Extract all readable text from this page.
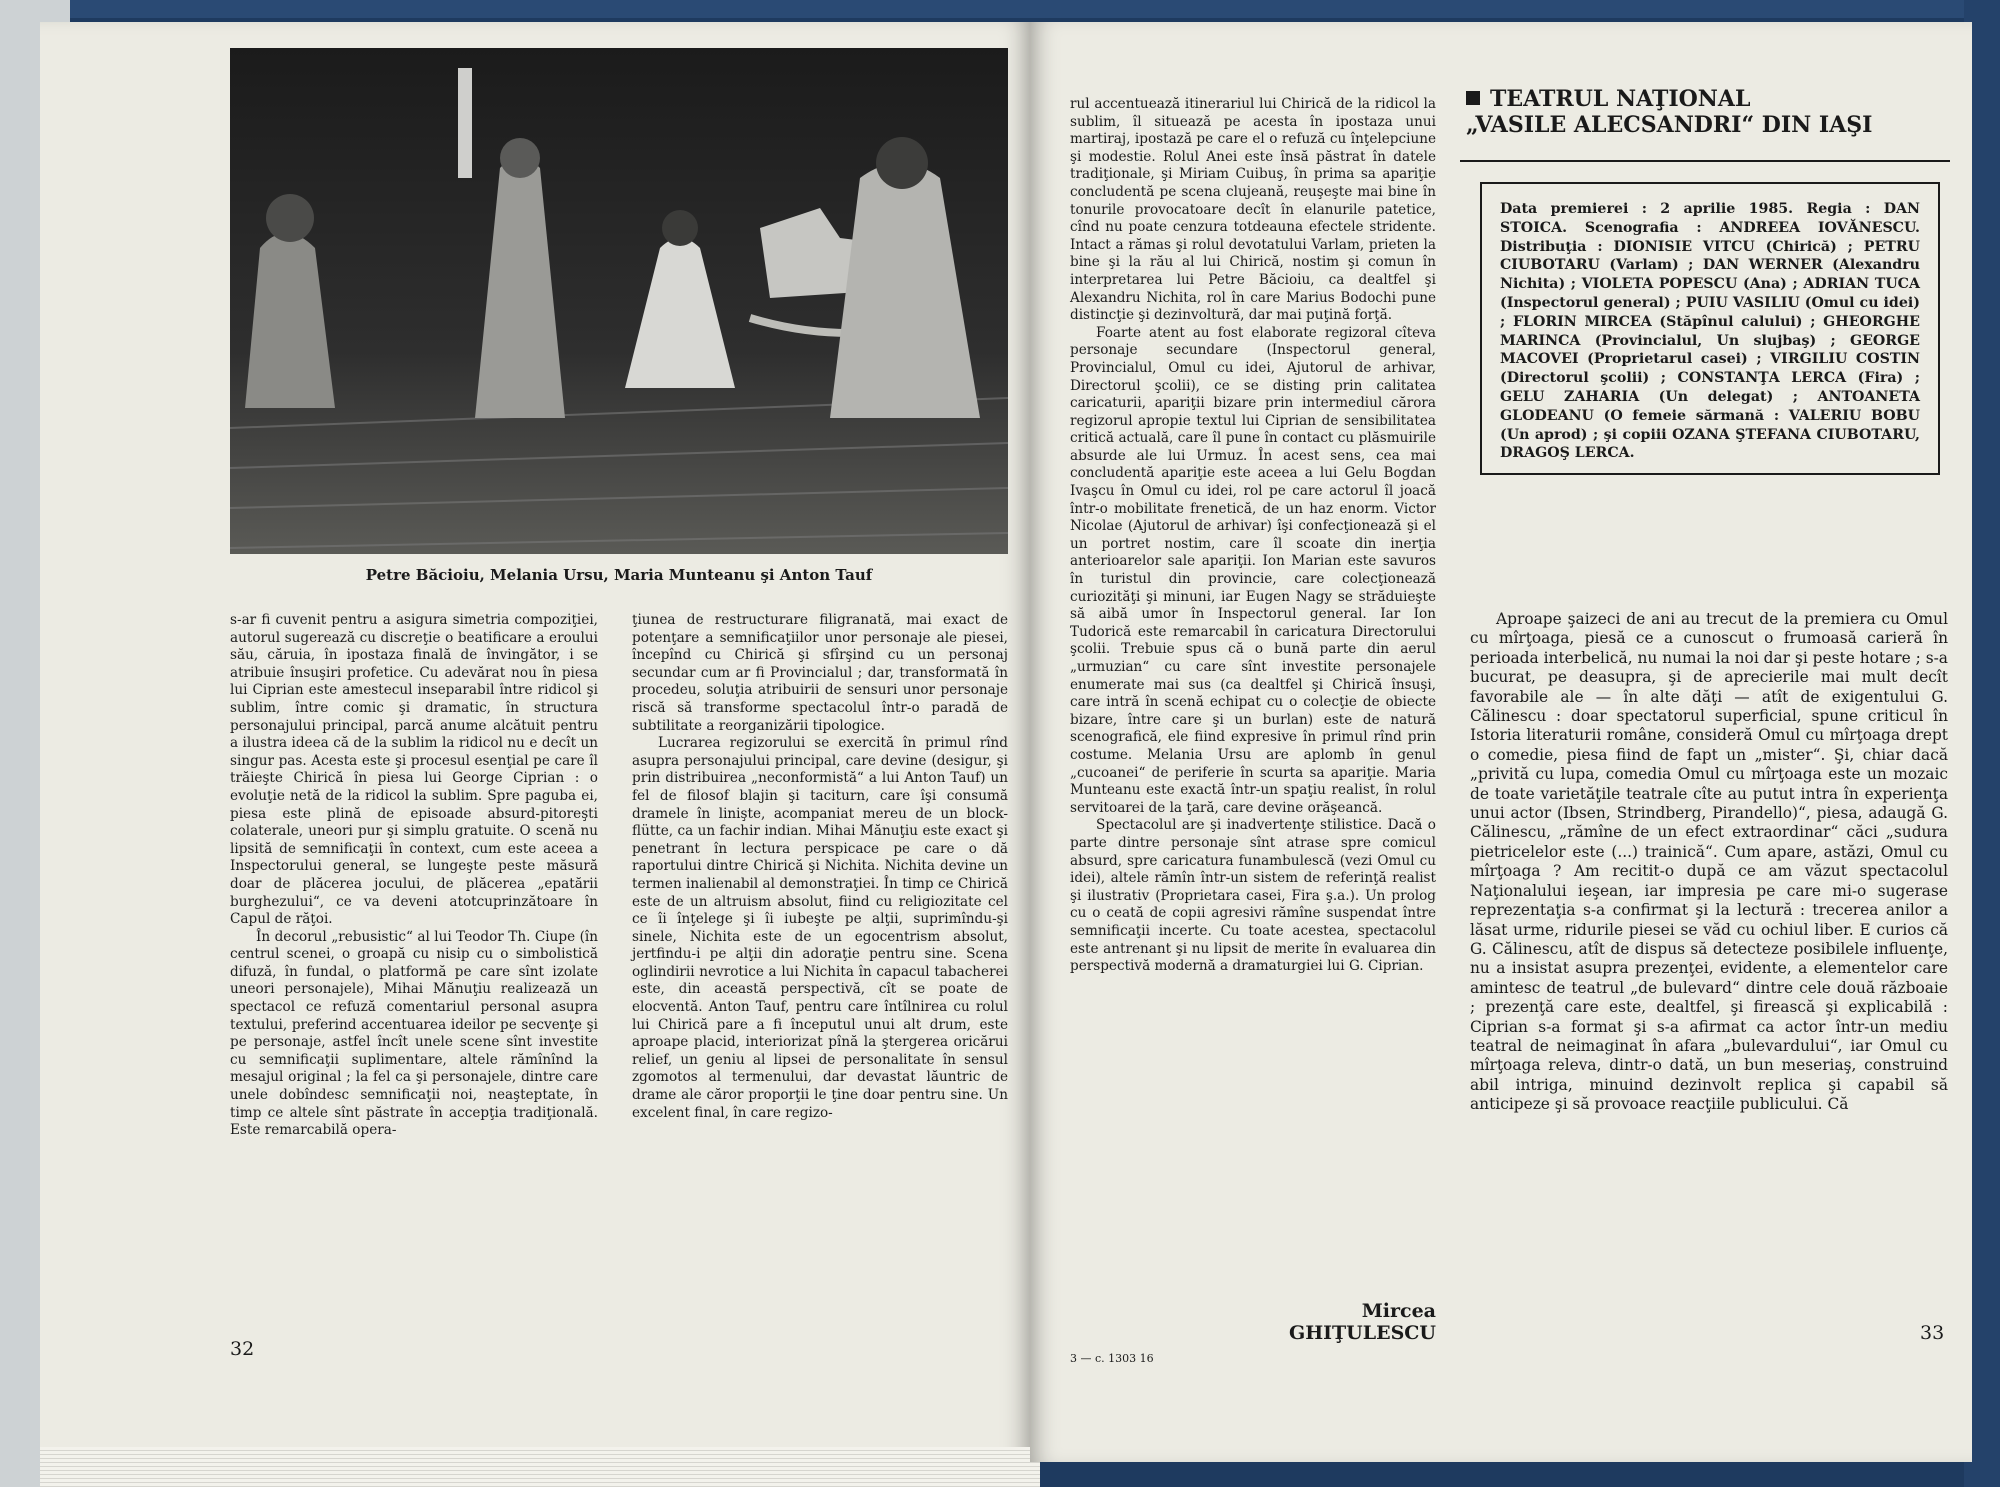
Petre Băcioiu, Melania Ursu, Maria Munteanu şi Anton Tauf

s-ar fi cuvenit pentru a asigura simetria compoziţiei, autorul sugerează cu discreţie o beatificare a eroului său, căruia, în ipostaza finală de învingător, i se atribuie însuşiri profetice. Cu adevărat nou în piesa lui Ciprian este amestecul inseparabil între ridicol şi sublim, între comic şi dramatic, în structura personajului principal, parcă anume alcătuit pentru a ilustra ideea că de la sublim la ridicol nu e decît un singur pas. Acesta este şi procesul esenţial pe care îl trăieşte Chirică în piesa lui George Ciprian : o evoluţie netă de la ridicol la sublim. Spre paguba ei, piesa este plină de episoade absurd-pitoreşti colaterale, uneori pur şi simplu gratuite. O scenă nu lipsită de semnificaţii în context, cum este aceea a Inspectorului general, se lungeşte peste măsură doar de plăcerea jocului, de plăcerea „epatării burghezului“, ce va deveni atotcuprinzătoare în Capul de răţoi.

În decorul „rebusistic“ al lui Teodor Th. Ciupe (în centrul scenei, o groapă cu nisip cu o simbolistică difuză, în fundal, o platformă pe care sînt izolate uneori personajele), Mihai Mănuţiu realizează un spectacol ce refuză comentariul personal asupra textului, preferind accentuarea ideilor pe secvenţe şi pe personaje, astfel încît unele scene sînt investite cu semnificaţii suplimentare, altele rămînînd la mesajul original ; la fel ca şi personajele, dintre care unele dobîndesc semnificaţii noi, neaşteptate, în timp ce altele sînt păstrate în accepţia tradiţională. Este remarcabilă opera-

ţiunea de restructurare filigranată, mai exact de potenţare a semnificaţiilor unor personaje ale piesei, începînd cu Chirică şi sfîrşind cu un personaj secundar cum ar fi Provincialul ; dar, transformată în procedeu, soluţia atribuirii de sensuri unor personaje riscă să transforme spectacolul într-o paradă de subtilitate a reorganizării tipologice.

Lucrarea regizorului se exercită în primul rînd asupra personajului principal, care devine (desigur, şi prin distribuirea „neconformistă“ a lui Anton Tauf) un fel de filosof blajin şi taciturn, care îşi consumă dramele în linişte, acompaniat mereu de un block-flütte, ca un fachir indian. Mihai Mănuţiu este exact şi penetrant în lectura perspicace pe care o dă raportului dintre Chirică şi Nichita. Nichita devine un termen inalienabil al demonstraţiei. În timp ce Chirică este de un altruism absolut, fiind cu religiozitate cel ce îi înţelege şi îi iubeşte pe alţii, suprimîndu-şi sinele, Nichita este de un egocentrism absolut, jertfindu-i pe alţii din adoraţie pentru sine. Scena oglindirii nevrotice a lui Nichita în capacul tabacherei este, din această perspectivă, cît se poate de elocventă. Anton Tauf, pentru care întîlnirea cu rolul lui Chirică pare a fi începutul unui alt drum, este aproape placid, interiorizat pînă la ştergerea oricărui relief, un geniu al lipsei de personalitate în sensul zgomotos al termenului, dar devastat lăuntric de drame ale căror proporţii le ţine doar pentru sine. Un excelent final, în care regizo-

32

rul accentuează itinerariul lui Chirică de la ridicol la sublim, îl situează pe acesta în ipostaza unui martiraj, ipostază pe care el o refuză cu înţelepciune şi modestie. Rolul Anei este însă păstrat în datele tradiţionale, şi Miriam Cuibuş, în prima sa apariţie concludentă pe scena clujeană, reuşeşte mai bine în tonurile provocatoare decît în elanurile patetice, cînd nu poate cenzura totdeauna efectele stridente. Intact a rămas şi rolul devotatului Varlam, prieten la bine şi la rău al lui Chirică, nostim şi comun în interpretarea lui Petre Băcioiu, ca dealtfel şi Alexandru Nichita, rol în care Marius Bodochi pune distincţie şi dezinvoltură, dar mai puţină forţă.

Foarte atent au fost elaborate regizoral cîteva personaje secundare (Inspectorul general, Provincialul, Omul cu idei, Ajutorul de arhivar, Directorul şcolii), ce se disting prin calitatea caricaturii, apariţii bizare prin intermediul cărora regizorul apropie textul lui Ciprian de sensibilitatea critică actuală, care îl pune în contact cu plăsmuirile absurde ale lui Urmuz. În acest sens, cea mai concludentă apariţie este aceea a lui Gelu Bogdan Ivaşcu în Omul cu idei, rol pe care actorul îl joacă într-o mobilitate frenetică, de un haz enorm. Victor Nicolae (Ajutorul de arhivar) îşi confecţionează şi el un portret nostim, care îl scoate din inerţia anterioarelor sale apariţii. Ion Marian este savuros în turistul din provincie, care colecţionează curiozităţi şi minuni, iar Eugen Nagy se străduieşte să aibă umor în Inspectorul general. Iar Ion Tudorică este remarcabil în caricatura Directorului şcolii. Trebuie spus că o bună parte din aerul „urmuzian“ cu care sînt investite personajele enumerate mai sus (ca dealtfel şi Chirică însuşi, care intră în scenă echipat cu o colecţie de obiecte bizare, între care şi un burlan) este de natură scenografică, ele fiind expresive în primul rînd prin costume. Melania Ursu are aplomb în genul „cucoanei“ de periferie în scurta sa apariţie. Maria Munteanu este exactă într-un spaţiu realist, în rolul servitoarei de la ţară, care devine orăşeancă.

Spectacolul are şi inadvertenţe stilistice. Dacă o parte dintre personaje sînt atrase spre comicul absurd, spre caricatura funambulescă (vezi Omul cu idei), altele rămîn într-un sistem de referinţă realist şi ilustrativ (Proprietara casei, Fira ş.a.). Un prolog cu o ceată de copii agresivi rămîne suspendat între semnificaţii incerte. Cu toate acestea, spectacolul este antrenant şi nu lipsit de merite în evaluarea din perspectivă modernă a dramaturgiei lui G. Ciprian.

Mircea GHIŢULESCU
TEATRUL NAŢIONAL
„VASILE ALECSANDRI“ DIN IAŞI
Data premierei : 2 aprilie 1985. Regia : DAN STOICA. Scenografia : ANDREEA IOVĂNESCU. Distribuţia : DIONISIE VITCU (Chirică) ; PETRU CIUBOTARU (Varlam) ; DAN WERNER (Alexandru Nichita) ; VIOLETA POPESCU (Ana) ; ADRIAN TUCA (Inspectorul general) ; PUIU VASILIU (Omul cu idei) ; FLORIN MIRCEA (Stăpînul calului) ; GHEORGHE MARINCA (Provincialul, Un slujbaş) ; GEORGE MACOVEI (Proprietarul casei) ; VIRGILIU COSTIN (Directorul şcolii) ; CONSTANŢA LERCA (Fira) ; GELU ZAHARIA (Un delegat) ; ANTOANETA GLODEANU (O femeie sărmană : VALERIU BOBU (Un aprod) ; şi copiii OZANA ŞTEFANA CIUBOTARU, DRAGOŞ LERCA.

Aproape şaizeci de ani au trecut de la premiera cu Omul cu mîrţoaga, piesă ce a cunoscut o frumoasă carieră în perioada interbelică, nu numai la noi dar şi peste hotare ; s-a bucurat, pe deasupra, şi de aprecierile mai mult decît favorabile ale — în alte dăţi — atît de exigentului G. Călinescu : doar spectatorul superficial, spune criticul în Istoria literaturii române, consideră Omul cu mîrţoaga drept o comedie, piesa fiind de fapt un „mister“. Şi, chiar dacă „privită cu lupa, comedia Omul cu mîrţoaga este un mozaic de toate varietăţile teatrale cîte au putut intra în experienţa unui actor (Ibsen, Strindberg, Pirandello)“, piesa, adaugă G. Călinescu, „rămîne de un efect extraordinar“ căci „sudura pietricelelor este (...) trainică“. Cum apare, astăzi, Omul cu mîrţoaga ? Am recitit-o după ce am văzut spectacolul Naţionalului ieşean, iar impresia pe care mi-o sugerase reprezentaţia s-a confirmat şi la lectură : trecerea anilor a lăsat urme, ridurile piesei se văd cu ochiul liber. E curios că G. Călinescu, atît de dispus să detecteze posibilele influenţe, nu a insistat asupra prezenţei, evidente, a elementelor care amintesc de teatrul „de bulevard“ dintre cele două războaie ; prezenţă care este, dealtfel, şi firească şi explicabilă : Ciprian s-a format şi s-a afirmat ca actor într-un mediu teatral de neimaginat în afara „bulevardului“, iar Omul cu mîrţoaga releva, dintr-o dată, un bun meseriaş, construind abil intriga, minuind dezinvolt replica şi capabil să anticipeze şi să provoace reacţiile publicului. Că

3 — c. 1303 16
33
